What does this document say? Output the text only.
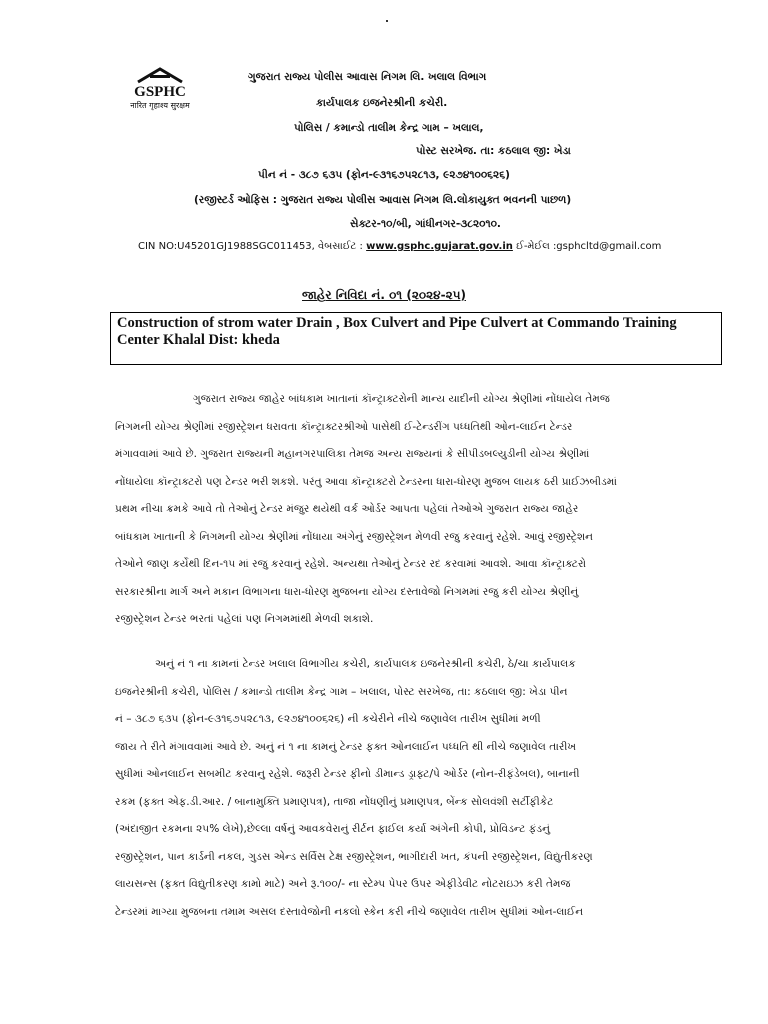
GSPHC
नारित गृहाश्य सुरक्षम
ગુજરાત રાજ્ય પોલીસ આવાસ નિગમ લિ. ખલાલ વિભાગ
કાર્યપાલક ઇજનેરશ્રીની કચેરી.
પોલિસ / કમાન્ડો તાલીમ કેન્દ્ર ગામ – ખલાલ,
પોસ્ટ સરખેજ. તા: કઠલાલ જી: ખેડા
પીન નં - ૩૮૭ ૬૩૫ (ફોન-૯૩૧૬૭૫૨૮૧૩, ૯૨૭૪૧૦૦૬૨૬)
(રજીસ્ટર્ડ ઓફિસ : ગુજરાત રાજ્ય પોલીસ આવાસ નિગમ લિ.લોકાયુક્ત ભવનની પાછળ)
સેક્ટર-૧૦/બી, ગાંધીનગર-૩૮૨૦૧૦.
CIN NO:U45201GJ1988SGC011453, વેબસાઈટ : www.gsphc.gujarat.gov.in ઈ-મેઈલ :gsphcltd@gmail.com
જાહેર નિવિદા નં. ૦૧ (૨૦૨૪-૨૫)
Construction of strom water Drain , Box Culvert and Pipe Culvert at Commando Training
Center Khalal Dist: kheda
ગુજરાત રાજ્ય જાહેર બાંધકામ ખાતાનાં કૉન્ટ્રાક્ટરોની માન્ય યાદીની યોગ્ય શ્રેણીમાં નોંધાયેલ તેમજ
નિગમની યોગ્ય શ્રેણીમાં રજીસ્ટ્રેશન ધરાવતા કૉન્ટ્રાક્ટરશ્રીઓ પાસેથી ઈ-ટેન્ડરીંગ પધ્ધતિથી ઓન-લાઈન ટેન્ડર
મંગાવવામાં આવે છે. ગુજરાત રાજ્યની મહાનગરપાલિકા તેમજ અન્ય રાજ્યનાં કે સીપીડબલ્યુડીની યોગ્ય શ્રેણીમાં
નોંધાયેલા કૉન્ટ્રાક્ટરો પણ ટેન્ડર ભરી શકશે. પરંતુ આવા કૉન્ટ્રાક્ટરો ટેન્ડરના ધારા-ધોરણ મુજબ લાયક ઠરી પ્રાઈઝબીડમાં
પ્રથમ નીચા ક્રમકે આવે તો તેઓનું ટેન્ડર મંજુર થયેથી વર્ક ઓર્ડર આપતા પહેલાં તેઓએ ગુજરાત રાજ્ય જાહેર
બાંધકામ ખાતાની કે નિગમની યોગ્ય શ્રેણીમાં નોંધાયા અંગેનું રજીસ્ટ્રેશન મેળવી રજુ કરવાનું રહેશે. આવું રજીસ્ટ્રેશન
તેઓને જાણ કર્યેથી દિન-૧૫ માં રજુ કરવાનું રહેશે. અન્યથા તેઓનું ટેન્ડર રદ કરવામાં આવશે. આવા કૉન્ટ્રાક્ટરો
સરકારશ્રીના માર્ગ અને મકાન વિભાગના ધારા-ધોરણ મુજબના યોગ્ય દસ્તાવેજો નિગમમાં રજુ કરી યોગ્ય શ્રેણીનું
રજીસ્ટ્રેશન ટેન્ડર ભરતાં પહેલાં પણ નિગમમાંથી મેળવી શકાશે.
અનું નં ૧ ના કામનાં ટેન્ડર ખલાલ વિભાગીય કચેરી, કાર્યપાલક ઇજનેરશ્રીની કચેરી, ઠે/ચા કાર્યપાલક
ઇજનેરશ્રીની કચેરી, પોલિસ / કમાન્ડો તાલીમ કેન્દ્ર ગામ – ખલાલ, પોસ્ટ સરખેજ, તા: કઠલાલ જી: ખેડા પીન
નં – ૩૮૭ ૬૩૫ (ફોન-૯૩૧૬૭૫૨૮૧૩, ૯૨૭૪૧૦૦૬૨૬) ની કચેરીને નીચે જણાવેલ તારીખ સુધીમાં મળી
જાય તે રીતે મંગાવવામાં આવે છે. અનું નં ૧ ના કામનું ટેન્ડર ફક્ત ઓનલાઈન પધ્ધતિ થી નીચે જણાવેલ તારીખ
સુધીમાં ઓનલાઈન સબમીટ કરવાનુ રહેશે. જરૂરી ટેન્ડર ફીનો ડીમાન્ડ ડ્રાફ્ટ/પે ઓર્ડર (નોન-રીફંડેબલ), બાનાની
રકમ (ફક્ત એફ.ડી.આર. / બાનામુક્તિ પ્રમાણપત્ર), તાજા નોંધણીનું પ્રમાણપત્ર, બેંન્ક સોલવંશી સર્ટીફીકેટ
(અંદાજીત રકમના ૨૫% લેખે),છેલ્લા વર્ષનું આવકવેરાનું રીર્ટન ફાઈલ કર્યા અંગેની કોપી, પ્રોવિડન્ટ ફંડનું
રજીસ્ટ્રેશન, પાન કાર્ડની નકલ, ગુડસ એન્ડ સર્વિસ ટેક્ષ રજીસ્ટ્રેશન, ભાગીદારી ખત, કંપની રજીસ્ટ્રેશન, વિદ્યુતીકરણ
લાયસન્સ (ફક્ત વિદ્યુતીકરણ કામો માટે) અને રૂ.૧૦૦/- ના સ્ટેમ્પ પેપર ઉપર એફીડેવીટ નોટરાઇઝ કરી તેમજ
ટેન્ડરમાં માગ્યા મુજબના તમામ અસલ દસ્તાવેજોની નકલો સ્કેન કરી નીચે જણાવેલ તારીખ સુધીમાં ઓન-લાઈન
